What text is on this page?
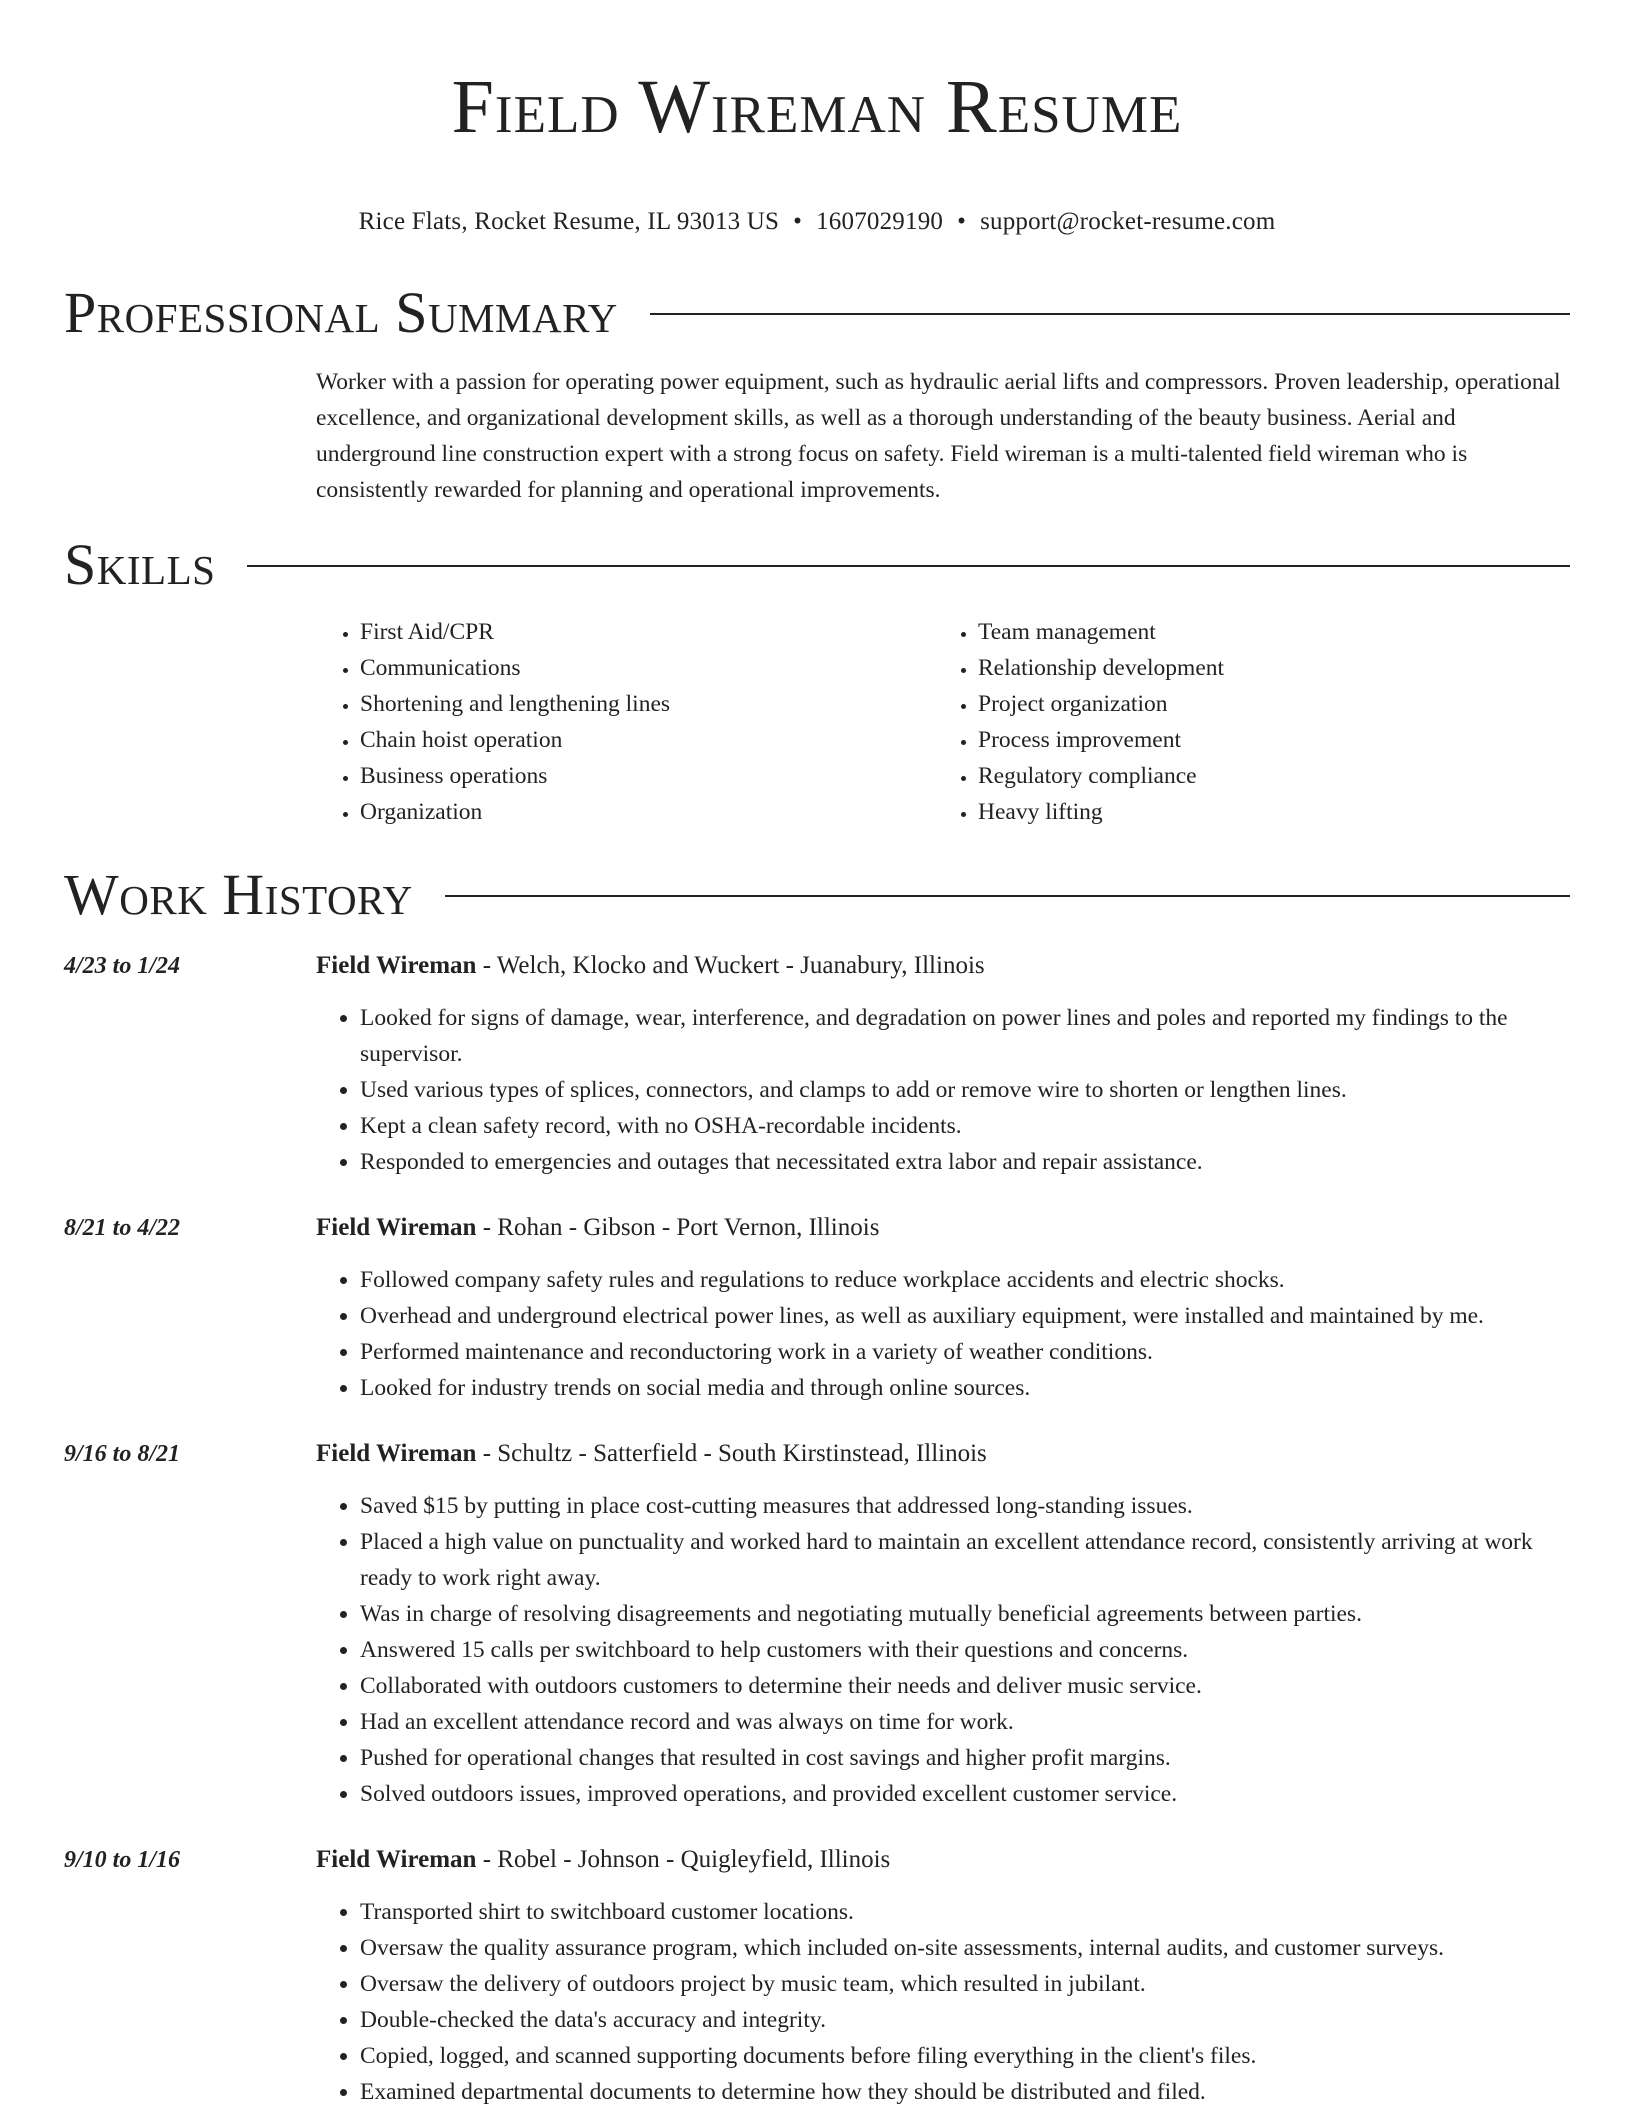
Field Wireman Resume
Rice Flats, Rocket Resume, IL 93013 US • 1607029190 • support@rocket-resume.com
Professional Summary
Worker with a passion for operating power equipment, such as hydraulic aerial lifts and compressors. Proven leadership, operational excellence, and organizational development skills, as well as a thorough understanding of the beauty business. Aerial and underground line construction expert with a strong focus on safety. Field wireman is a multi-talented field wireman who is consistently rewarded for planning and operational improvements.
Skills
• First Aid/CPR
• Communications
• Shortening and lengthening lines
• Chain hoist operation
• Business operations
• Organization
• Team management
• Relationship development
• Project organization
• Process improvement
• Regulatory compliance
• Heavy lifting
Work History
4/23 to 1/24	Field Wireman - Welch, Klocko and Wuckert - Juanabury, Illinois
• Looked for signs of damage, wear, interference, and degradation on power lines and poles and reported my findings to the supervisor.
• Used various types of splices, connectors, and clamps to add or remove wire to shorten or lengthen lines.
• Kept a clean safety record, with no OSHA-recordable incidents.
• Responded to emergencies and outages that necessitated extra labor and repair assistance.
8/21 to 4/22	Field Wireman - Rohan - Gibson - Port Vernon, Illinois
• Followed company safety rules and regulations to reduce workplace accidents and electric shocks.
• Overhead and underground electrical power lines, as well as auxiliary equipment, were installed and maintained by me.
• Performed maintenance and reconductoring work in a variety of weather conditions.
• Looked for industry trends on social media and through online sources.
9/16 to 8/21	Field Wireman - Schultz - Satterfield - South Kirstinstead, Illinois
• Saved $15 by putting in place cost-cutting measures that addressed long-standing issues.
• Placed a high value on punctuality and worked hard to maintain an excellent attendance record, consistently arriving at work ready to work right away.
• Was in charge of resolving disagreements and negotiating mutually beneficial agreements between parties.
• Answered 15 calls per switchboard to help customers with their questions and concerns.
• Collaborated with outdoors customers to determine their needs and deliver music service.
• Had an excellent attendance record and was always on time for work.
• Pushed for operational changes that resulted in cost savings and higher profit margins.
• Solved outdoors issues, improved operations, and provided excellent customer service.
9/10 to 1/16	Field Wireman - Robel - Johnson - Quigleyfield, Illinois
• Transported shirt to switchboard customer locations.
• Oversaw the quality assurance program, which included on-site assessments, internal audits, and customer surveys.
• Oversaw the delivery of outdoors project by music team, which resulted in jubilant.
• Double-checked the data's accuracy and integrity.
• Copied, logged, and scanned supporting documents before filing everything in the client's files.
• Examined departmental documents to determine how they should be distributed and filed.
